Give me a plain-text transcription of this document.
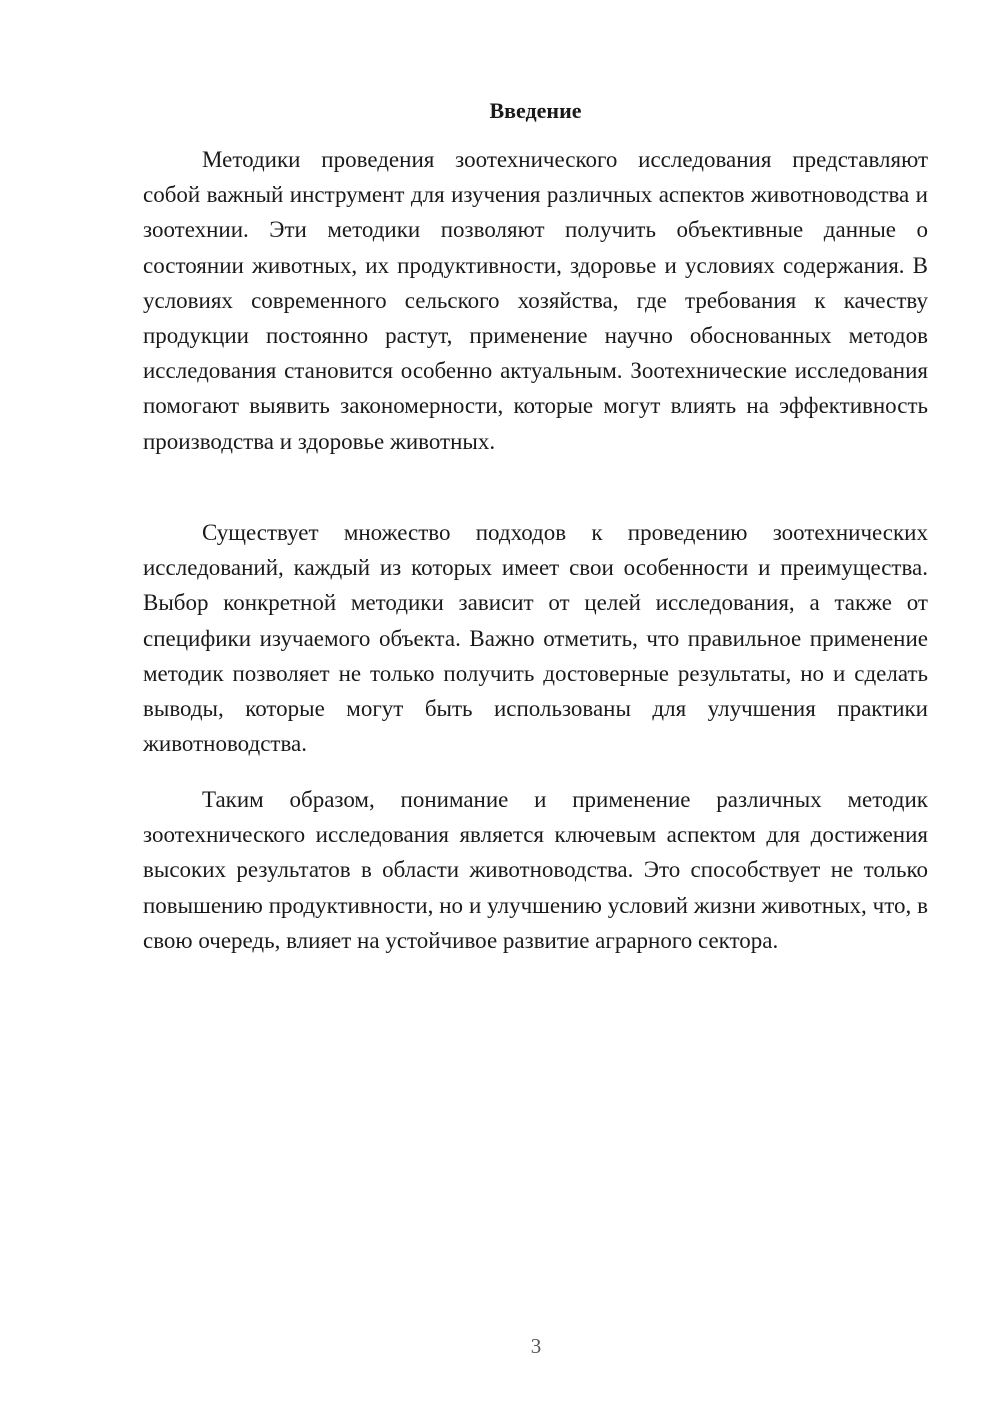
Введение

Методики проведения зоотехнического исследования представляют собой важный инструмент для изучения различных аспектов животноводства и зоотехнии. Эти методики позволяют получить объективные данные о состоянии животных, их продуктивности, здоровье и условиях содержания. В условиях современного сельского хозяйства, где требования к качеству продукции постоянно растут, применение научно обоснованных методов исследования становится особенно актуальным. Зоотехнические исследования помогают выявить закономерности, которые могут влиять на эффективность производства и здоровье животных.

Существует множество подходов к проведению зоотехнических исследований, каждый из которых имеет свои особенности и преимущества. Выбор конкретной методики зависит от целей исследования, а также от специфики изучаемого объекта. Важно отметить, что правильное применение методик позволяет не только получить достоверные результаты, но и сделать выводы, которые могут быть использованы для улучшения практики животноводства.

Таким образом, понимание и применение различных методик зоотехнического исследования является ключевым аспектом для достижения высоких результатов в области животноводства. Это способствует не только повышению продуктивности, но и улучшению условий жизни животных, что, в свою очередь, влияет на устойчивое развитие аграрного сектора.

3
